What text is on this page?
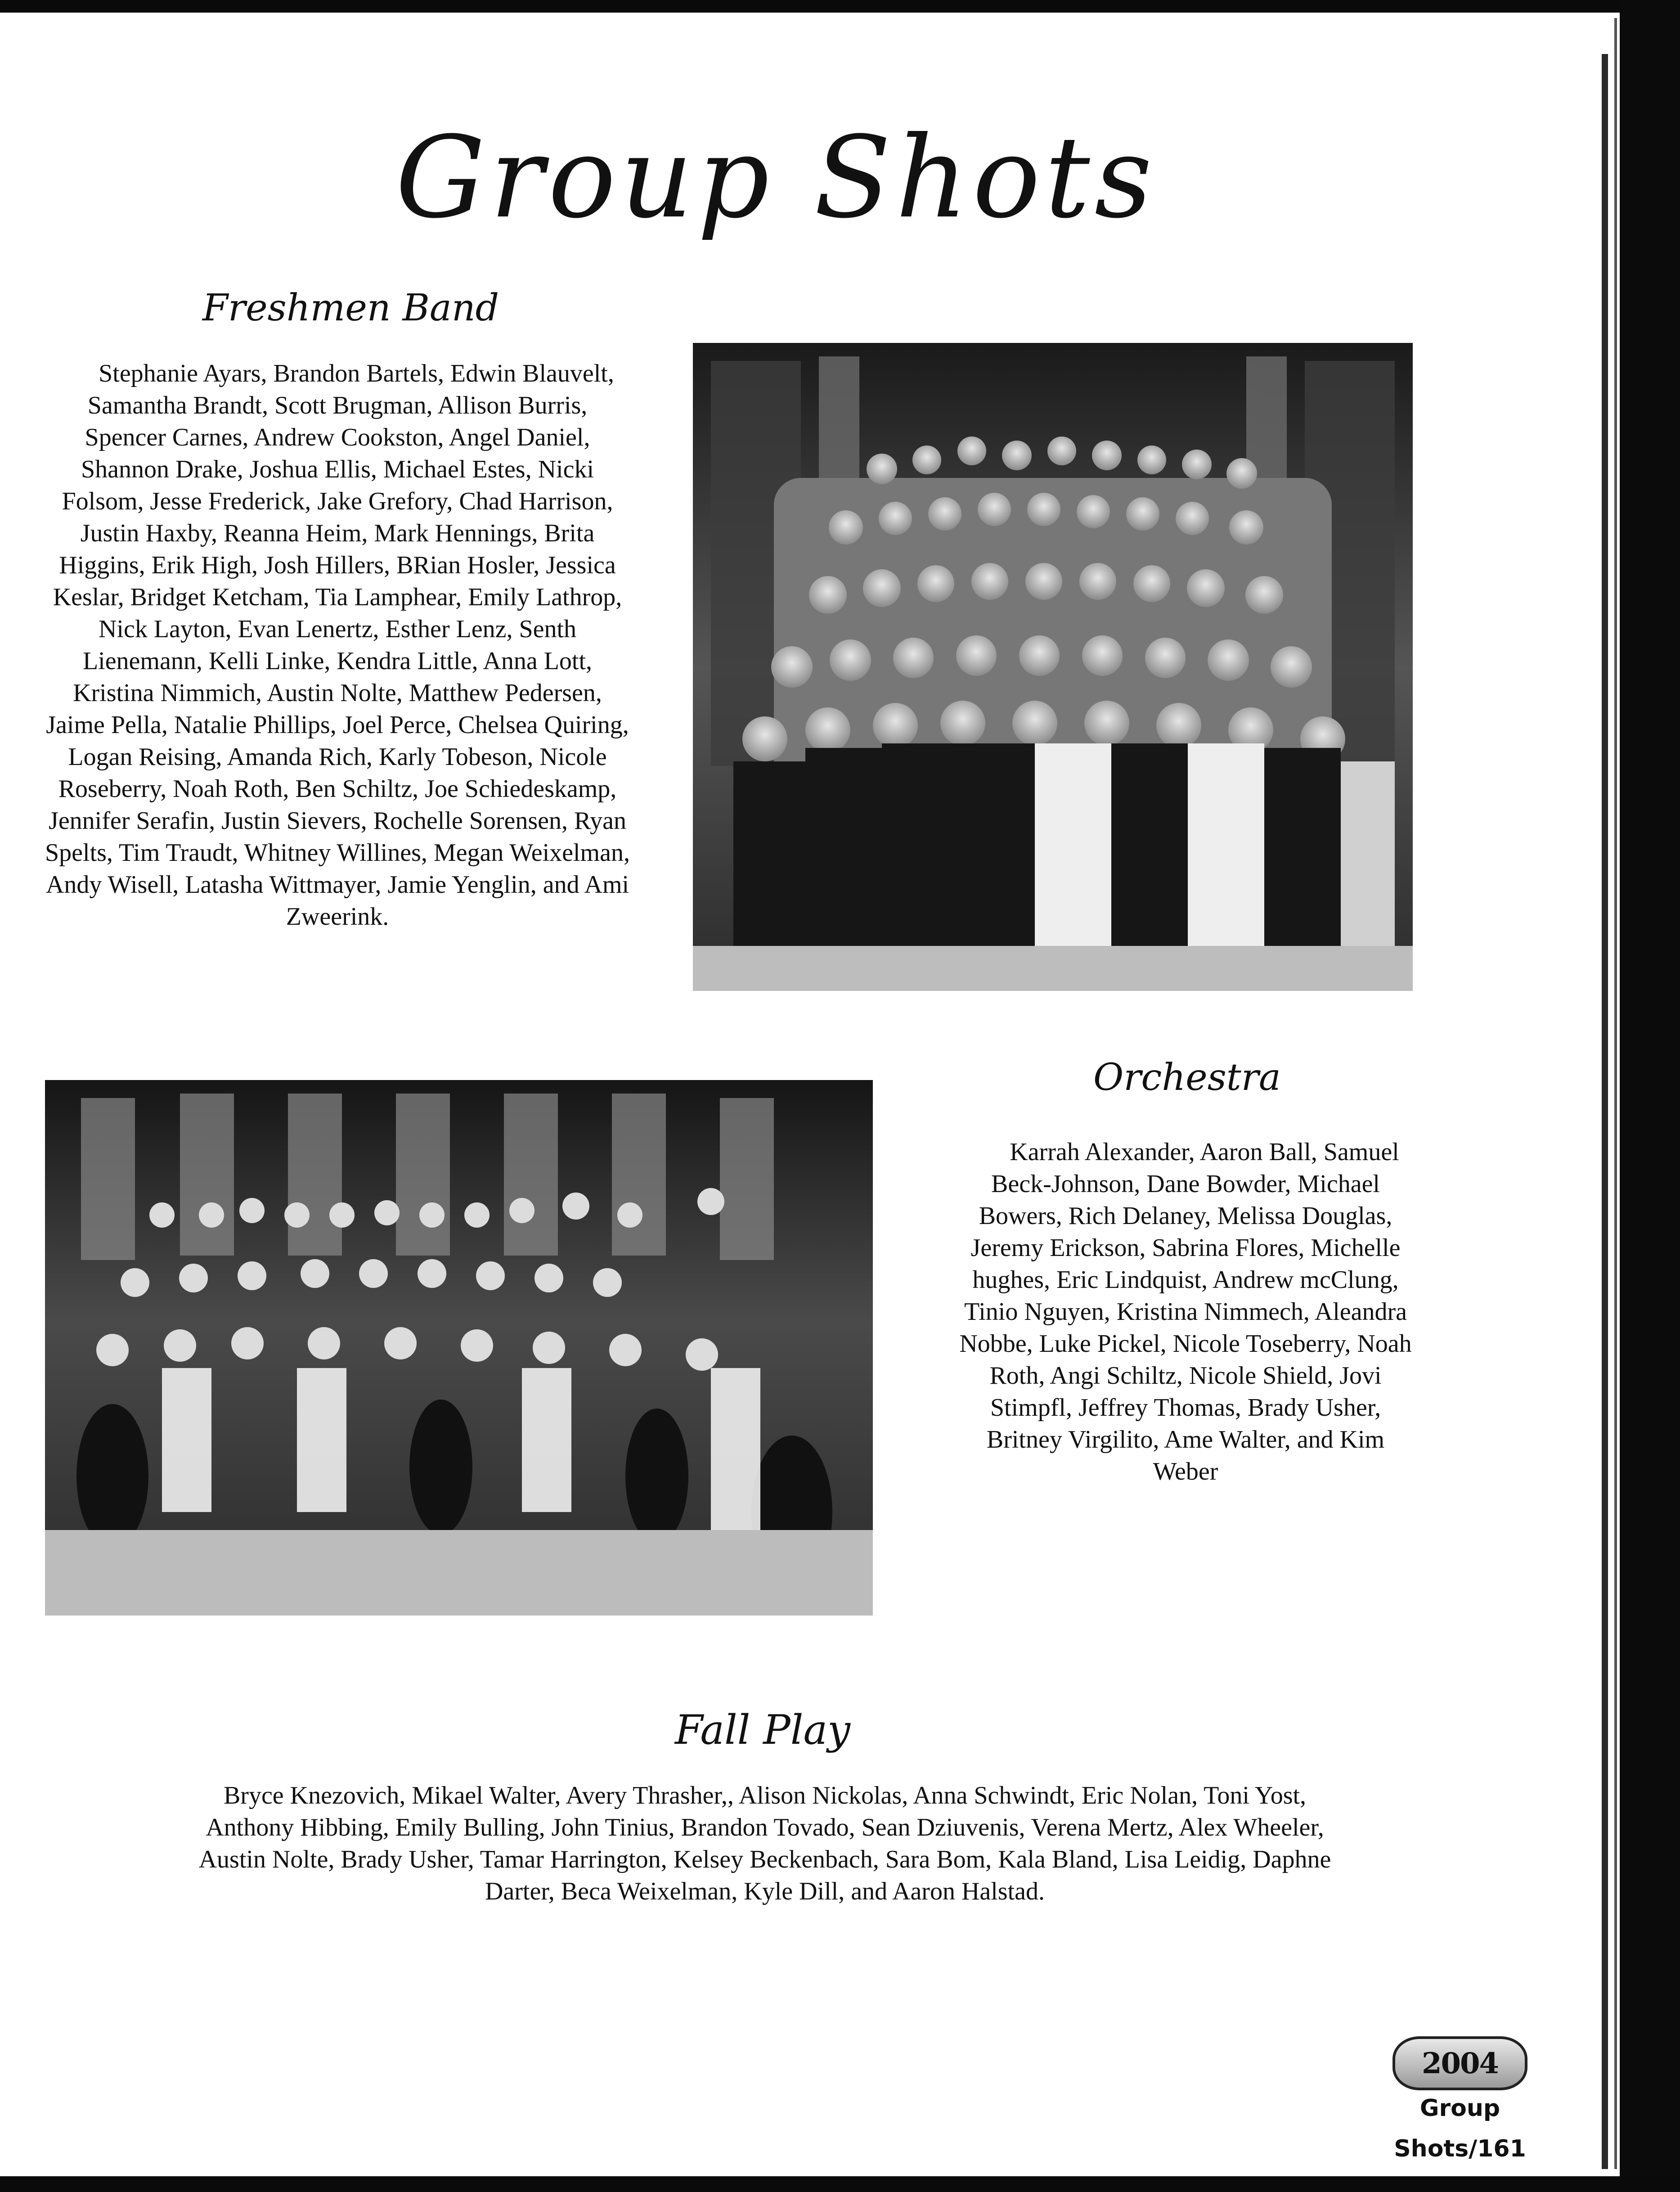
Group Shots
Freshmen Band

Stephanie Ayars, Brandon Bartels, Edwin Blauvelt, Samantha Brandt, Scott Brugman, Allison Burris, Spencer Carnes, Andrew Cookston, Angel Daniel, Shannon Drake, Joshua Ellis, Michael Estes, Nicki Folsom, Jesse Frederick, Jake Grefory, Chad Harrison, Justin Haxby, Reanna Heim, Mark Hennings, Brita Higgins, Erik High, Josh Hillers, BRian Hosler, Jessica Keslar, Bridget Ketcham, Tia Lamphear, Emily Lathrop, Nick Layton, Evan Lenertz, Esther Lenz, Senth Lienemann, Kelli Linke, Kendra Little, Anna Lott, Kristina Nimmich, Austin Nolte, Matthew Pedersen, Jaime Pella, Natalie Phillips, Joel Perce, Chelsea Quiring, Logan Reising, Amanda Rich, Karly Tobeson, Nicole Roseberry, Noah Roth, Ben Schiltz, Joe Schiedeskamp, Jennifer Serafin, Justin Sievers, Rochelle Sorensen, Ryan Spelts, Tim Traudt, Whitney Willines, Megan Weixelman, Andy Wisell, Latasha Wittmayer, Jamie Yenglin, and Ami Zweerink.

Orchestra

Karrah Alexander, Aaron Ball, Samuel Beck-Johnson, Dane Bowder, Michael Bowers, Rich Delaney, Melissa Douglas, Jeremy Erickson, Sabrina Flores, Michelle hughes, Eric Lindquist, Andrew mcClung, Tinio Nguyen, Kristina Nimmech, Aleandra Nobbe, Luke Pickel, Nicole Toseberry, Noah Roth, Angi Schiltz, Nicole Shield, Jovi Stimpfl, Jeffrey Thomas, Brady Usher, Britney Virgilito, Ame Walter, and Kim Weber

Fall Play

Bryce Knezovich, Mikael Walter, Avery Thrasher,, Alison Nickolas, Anna Schwindt, Eric Nolan, Toni Yost, Anthony Hibbing, Emily Bulling, John Tinius, Brandon Tovado, Sean Dziuvenis, Verena Mertz, Alex Wheeler, Austin Nolte, Brady Usher, Tamar Harrington, Kelsey Beckenbach, Sara Bom, Kala Bland, Lisa Leidig, Daphne Darter, Beca Weixelman, Kyle Dill, and Aaron Halstad.

2004
Group Shots/161
